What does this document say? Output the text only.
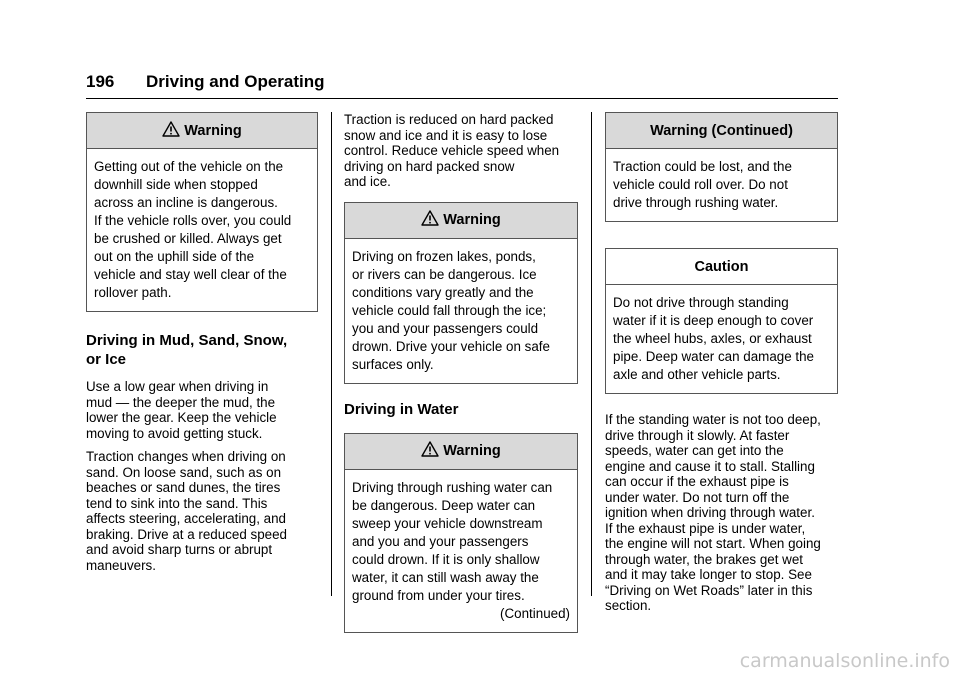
196 Driving and Operating
Warning

Getting out of the vehicle on the

downhill side when stopped

across an incline is dangerous.

If the vehicle rolls over, you could

be crushed or killed. Always get

out on the uphill side of the

vehicle and stay well clear of the

rollover path.

Driving in Mud, Sand, Snow,
or Ice

Use a low gear when driving in
mud — the deeper the mud, the
lower the gear. Keep the vehicle
moving to avoid getting stuck.

Traction changes when driving on
sand. On loose sand, such as on
beaches or sand dunes, the tires
tend to sink into the sand. This
affects steering, accelerating, and
braking. Drive at a reduced speed
and avoid sharp turns or abrupt
maneuvers.

Traction is reduced on hard packed
snow and ice and it is easy to lose
control. Reduce vehicle speed when
driving on hard packed snow
and ice.

Warning

Driving on frozen lakes, ponds,

or rivers can be dangerous. Ice

conditions vary greatly and the

vehicle could fall through the ice;

you and your passengers could

drown. Drive your vehicle on safe

surfaces only.

Driving in Water
Warning

Driving through rushing water can

be dangerous. Deep water can

sweep your vehicle downstream

and you and your passengers

could drown. If it is only shallow

water, it can still wash away the

ground from under your tires.

(Continued)

Warning (Continued)

Traction could be lost, and the

vehicle could roll over. Do not

drive through rushing water.

Caution

Do not drive through standing

water if it is deep enough to cover

the wheel hubs, axles, or exhaust

pipe. Deep water can damage the

axle and other vehicle parts.

If the standing water is not too deep,
drive through it slowly. At faster
speeds, water can get into the
engine and cause it to stall. Stalling
can occur if the exhaust pipe is
under water. Do not turn off the
ignition when driving through water.
If the exhaust pipe is under water,
the engine will not start. When going
through water, the brakes get wet
and it may take longer to stop. See
“Driving on Wet Roads” later in this
section.

carmanualsonline.info
